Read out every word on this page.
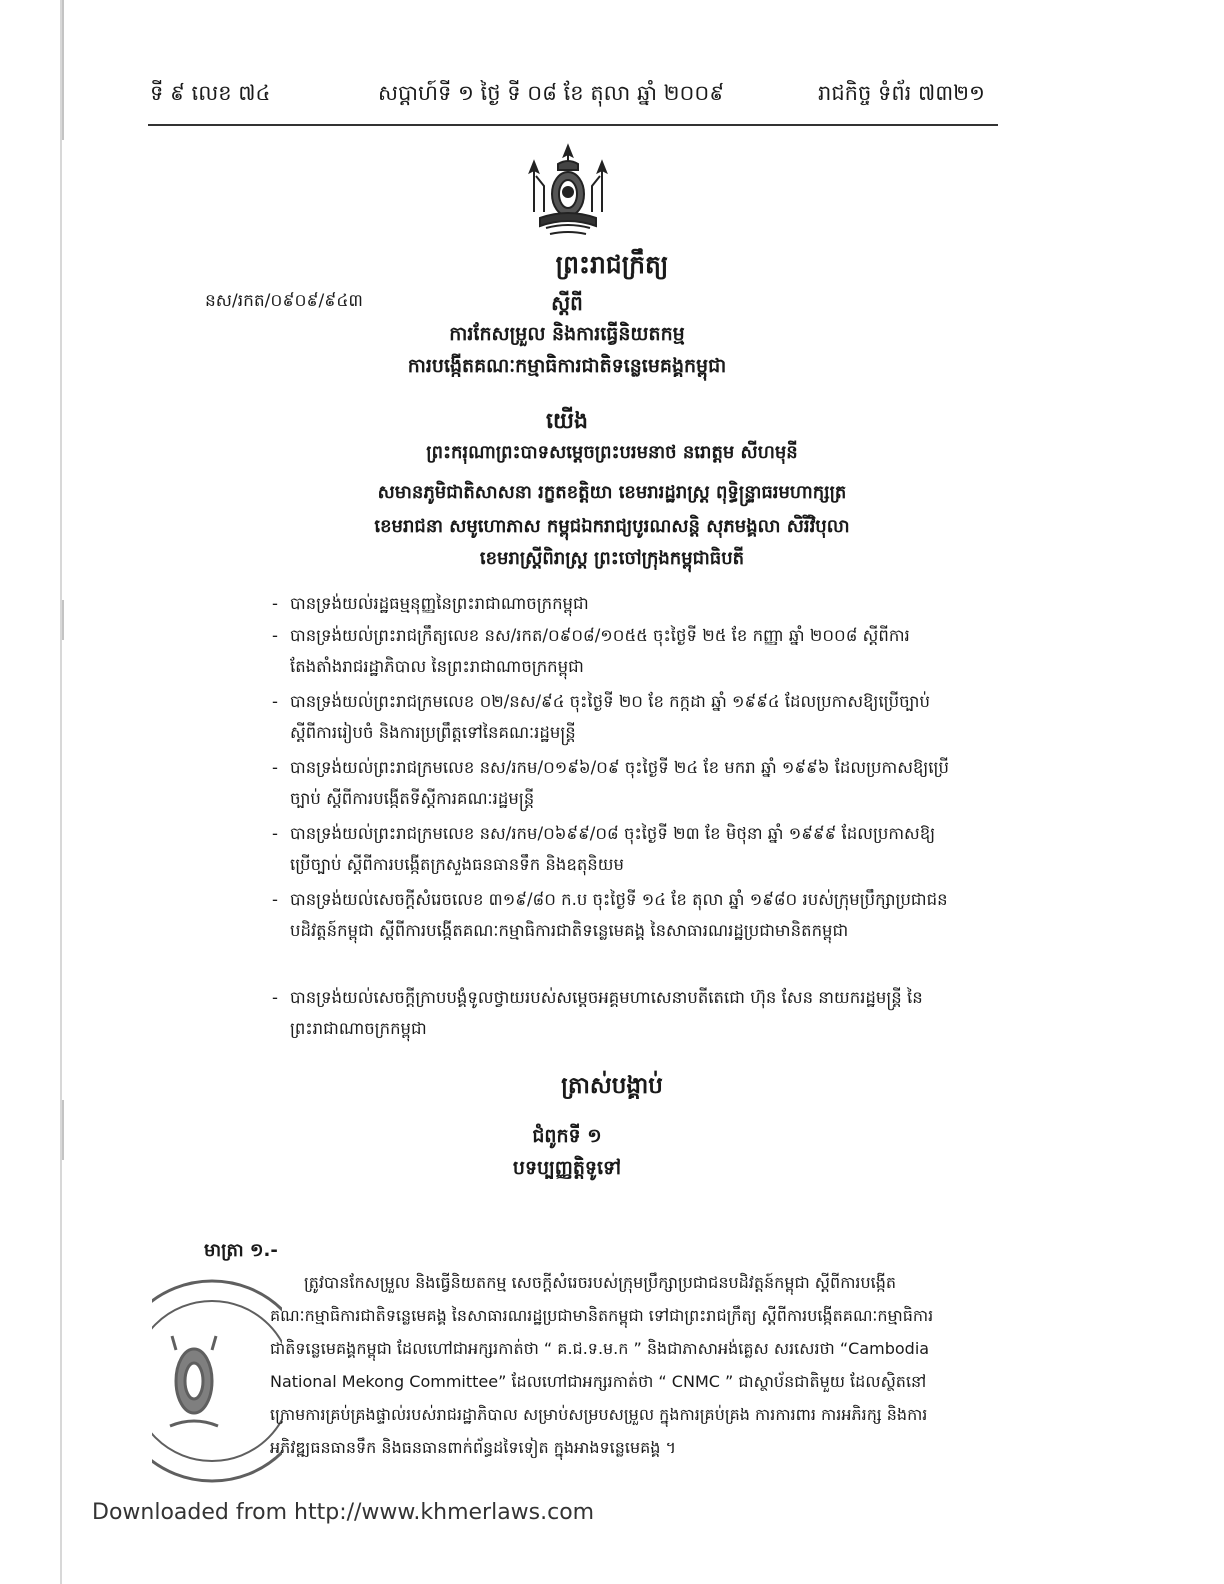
ទី ៩ លេខ ៧៤	សប្តាហ៍ទី ១ ថ្ងៃ ទី ០៨ ខែ តុលា ឆ្នាំ ២០០៩	រាជកិច្ច ទំព័រ ៧៣២១
ព្រះរាជក្រឹត្យ
នស/រកត/០៩០៩/៩៤៣	ស្តីពី
ការកែសម្រួល និងការធ្វើនិយតកម្ម
ការបង្កើតគណៈកម្មាធិការជាតិទន្លេមេគង្គកម្ពុជា
យើង
ព្រះករុណាព្រះបាទសម្តេចព្រះបរមនាថ នរោត្តម សីហមុនី
សមានភូមិជាតិសាសនា រក្ខតខត្តិយា ខេមរារដ្ឋរាស្ត្រ ពុទ្ធិន្ទ្រាធរមហាក្សត្រ
ខេមរាជនា សមូហោភាស កម្ពុជឯករាជ្យបូរណសន្តិ សុភមង្គលា សិរីវិបុលា
ខេមរាស្ត្រីពិរាស្ត្រ ព្រះចៅក្រុងកម្ពុជាធិបតី
- បានទ្រង់យល់រដ្ឋធម្មនុញ្ញនៃព្រះរាជាណាចក្រកម្ពុជា
- បានទ្រង់យល់ព្រះរាជក្រឹត្យលេខ នស/រកត/០៩០៨/១០៥៥ ចុះថ្ងៃទី ២៥ ខែ កញ្ញា ឆ្នាំ ២០០៨ ស្តីពីការតែងតាំងរាជរដ្ឋាភិបាល នៃព្រះរាជាណាចក្រកម្ពុជា
- បានទ្រង់យល់ព្រះរាជក្រមលេខ ០២/នស/៩៤ ចុះថ្ងៃទី ២០ ខែ កក្កដា ឆ្នាំ ១៩៩៤ ដែលប្រកាសឱ្យប្រើច្បាប់ ស្តីពីការរៀបចំ និងការប្រព្រឹត្តទៅនៃគណៈរដ្ឋមន្ត្រី
- បានទ្រង់យល់ព្រះរាជក្រមលេខ នស/រកម/០១៩៦/០៩ ចុះថ្ងៃទី ២៤ ខែ មករា ឆ្នាំ ១៩៩៦ ដែលប្រកាសឱ្យប្រើច្បាប់ ស្តីពីការបង្កើតទីស្តីការគណៈរដ្ឋមន្ត្រី
- បានទ្រង់យល់ព្រះរាជក្រមលេខ នស/រកម/០៦៩៩/០៨ ចុះថ្ងៃទី ២៣ ខែ មិថុនា ឆ្នាំ ១៩៩៩ ដែលប្រកាសឱ្យប្រើច្បាប់ ស្តីពីការបង្កើតក្រសួងធនធានទឹក និងឧតុនិយម
- បានទ្រង់យល់សេចក្តីសំរេចលេខ ៣១៩/៨០ ក.ប ចុះថ្ងៃទី ១៤ ខែ តុលា ឆ្នាំ ១៩៨០ របស់ក្រុមប្រឹក្សាប្រជាជនបដិវត្តន៍កម្ពុជា ស្តីពីការបង្កើតគណៈកម្មាធិការជាតិទន្លេមេគង្គ នៃសាធារណរដ្ឋប្រជាមានិតកម្ពុជា
- បានទ្រង់យល់សេចក្តីក្រាបបង្គំទូលថ្វាយរបស់សម្តេចអគ្គមហាសេនាបតីតេជោ ហ៊ុន សែន នាយករដ្ឋមន្ត្រី នៃព្រះរាជាណាចក្រកម្ពុជា
ត្រាស់បង្គាប់
ជំពូកទី ១
បទប្បញ្ញត្តិទូទៅ
មាត្រា ១.-
ត្រូវបានកែសម្រួល និងធ្វើនិយតកម្ម សេចក្តីសំរេចរបស់ក្រុមប្រឹក្សាប្រជាជនបដិវត្តន៍កម្ពុជា ស្តីពីការបង្កើតគណៈកម្មាធិការជាតិទន្លេមេគង្គ នៃសាធារណរដ្ឋប្រជាមានិតកម្ពុជា ទៅជាព្រះរាជក្រឹត្យ ស្តីពីការបង្កើតគណៈកម្មាធិការជាតិទន្លេមេគង្គកម្ពុជា ដែលហៅជាអក្សរកាត់ថា “ គ.ជ.ទ.ម.ក ” និងជាភាសាអង់គ្លេស សរសេរថា “Cambodia National Mekong Committee” ដែលហៅជាអក្សរកាត់ថា “ CNMC ” ជាស្ថាប័នជាតិមួយ ដែលស្ថិតនៅក្រោមការគ្រប់គ្រងផ្ទាល់របស់រាជរដ្ឋាភិបាល សម្រាប់សម្របសម្រួល ក្នុងការគ្រប់គ្រង ការការពារ ការអភិរក្ស និងការអភិវឌ្ឍធនធានទឹក និងធនធានពាក់ព័ន្ធដទៃទៀត ក្នុងអាងទន្លេមេគង្គ ។
Downloaded from http://www.khmerlaws.com
